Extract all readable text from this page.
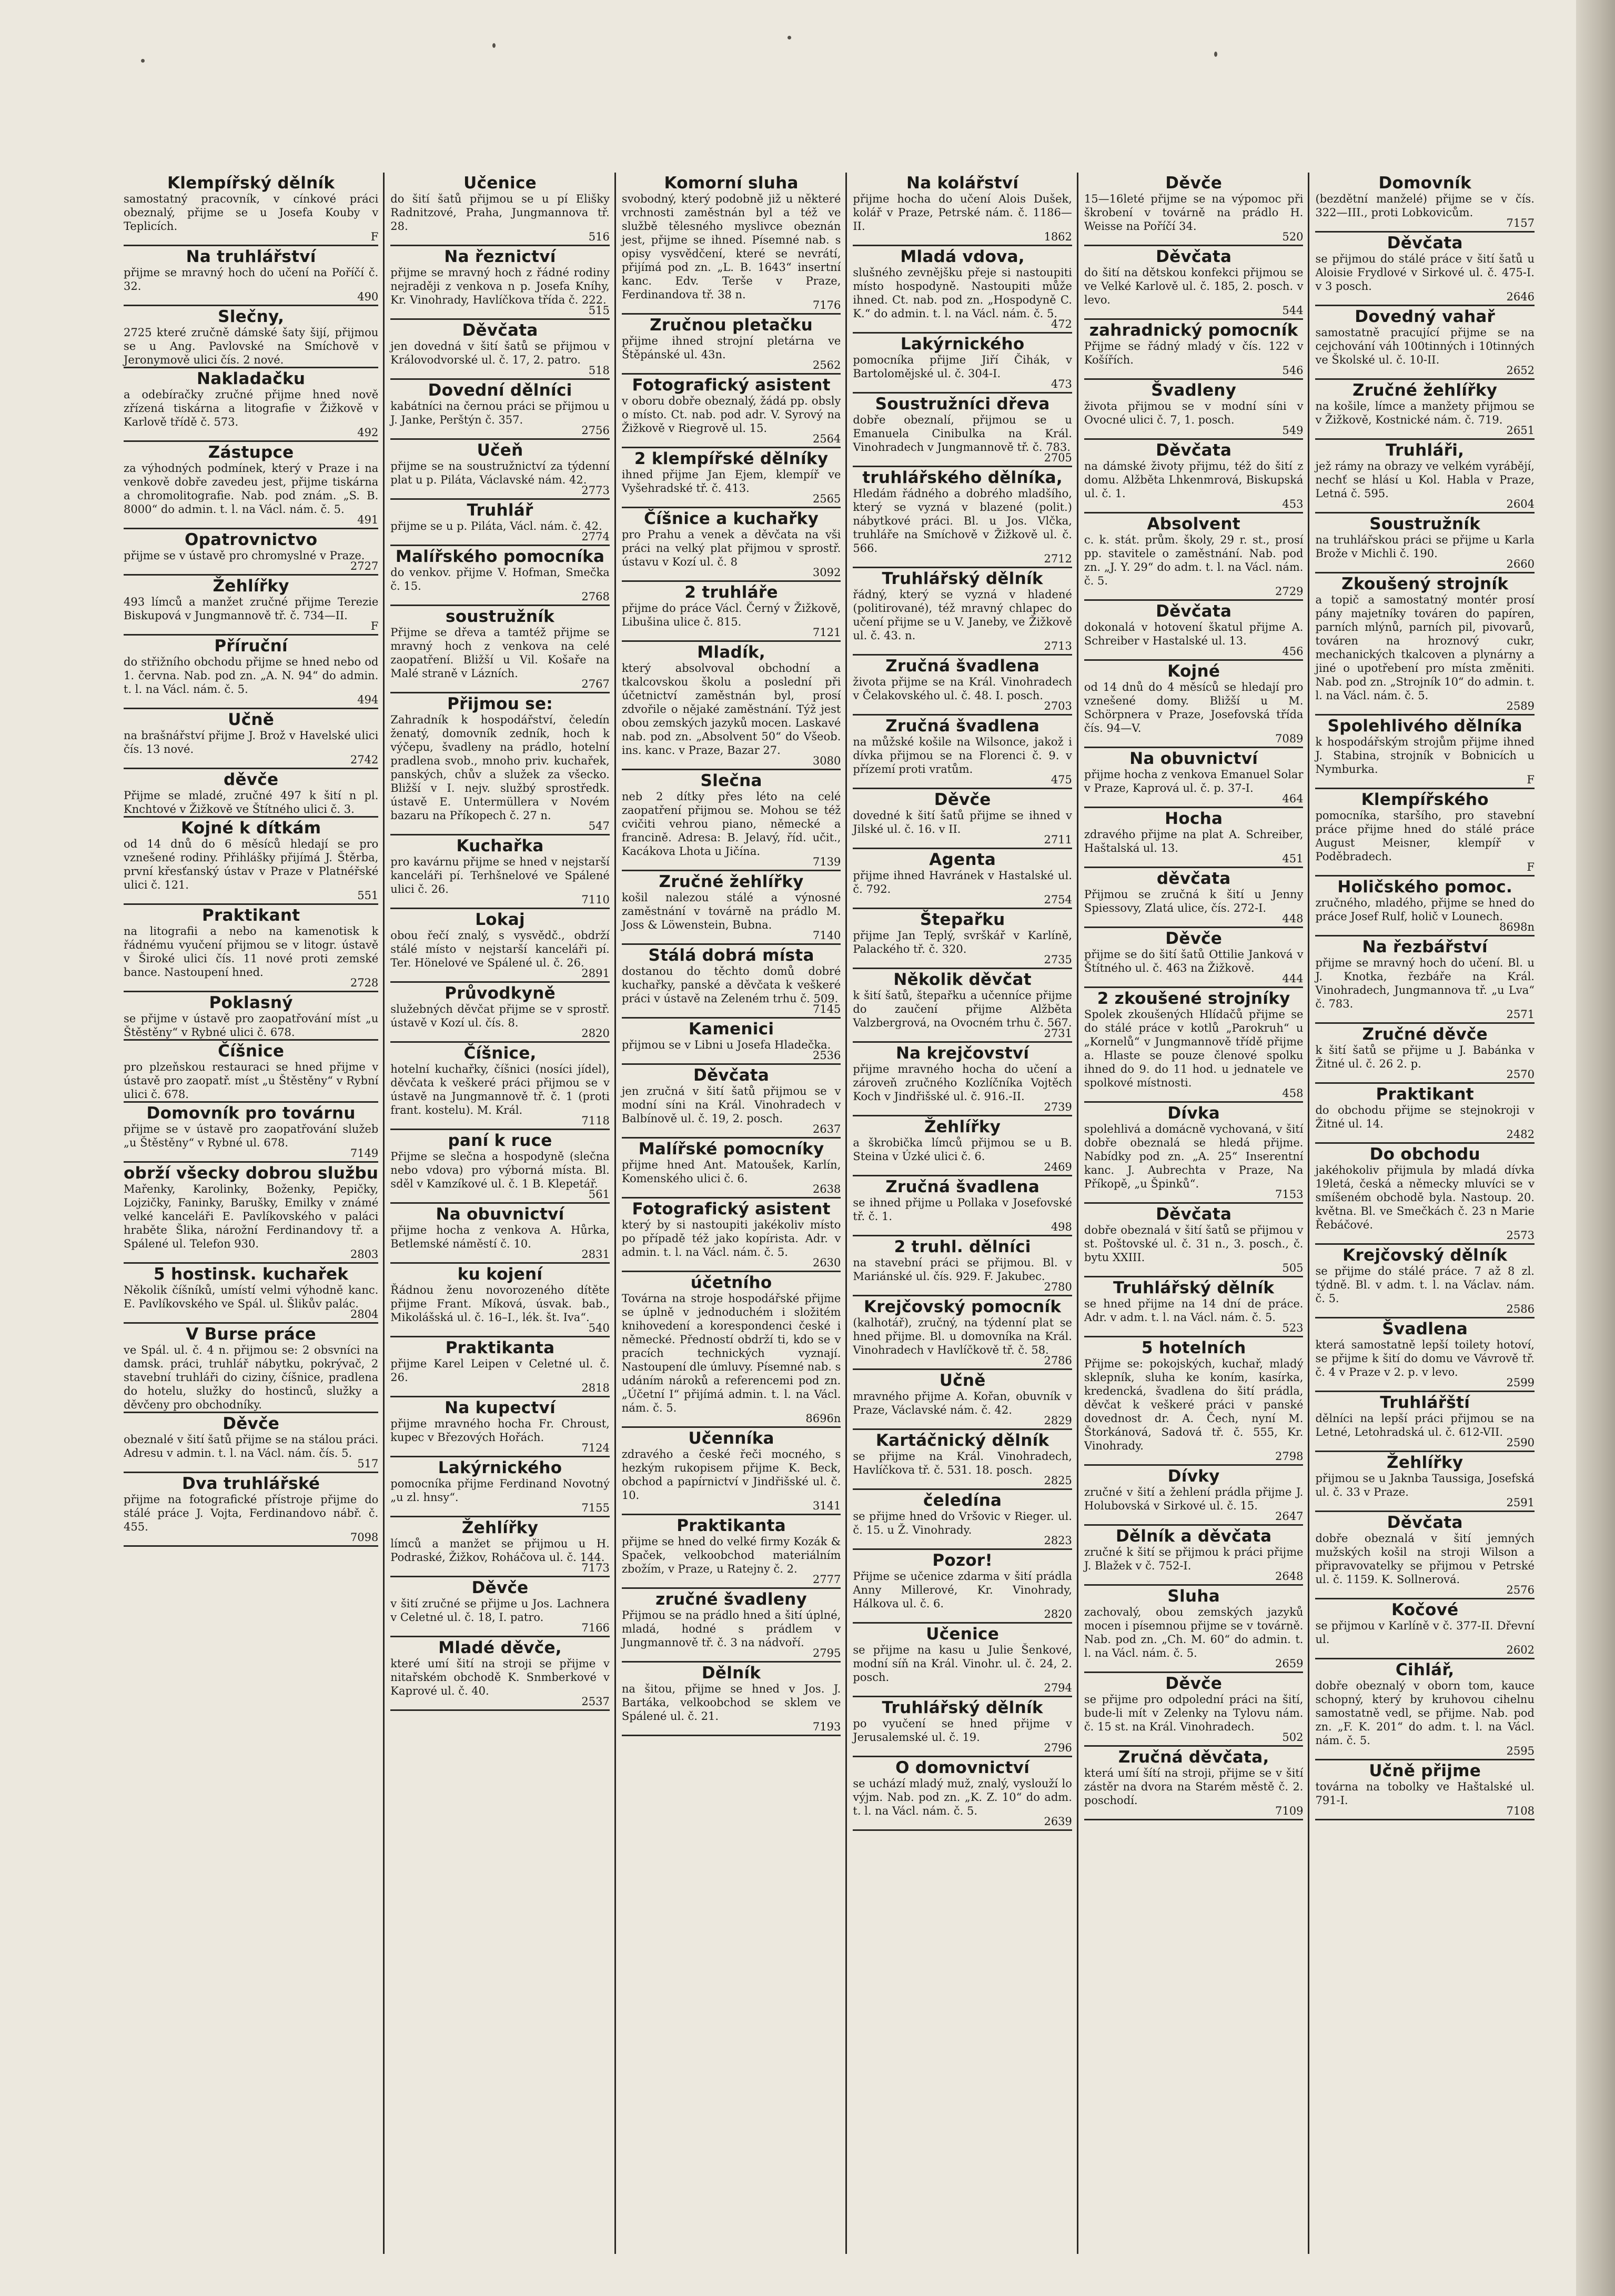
Klempířský dělník
samostatný pracovník, v cínkové práci obeznalý, přijme se u Josefa Kouby v Teplicích.
F
Na truhlářství
přijme se mravný hoch do učení na Poříčí č. 32.
490
Slečny,
2725 které zručně dámské šaty šijí, přijmou se u Ang. Pavlovské na Smíchově v Jeronymově ulici čís. 2 nové.
Nakladačku
a odebíračky zručné přijme hned nově zřízená tiskárna a litografie v Žižkově v Karlově třídě č. 573.
492
Zástupce
za výhodných podmínek, který v Praze i na venkově dobře zavedeu jest, přijme tiskárna a chromolitografie. Nab. pod znám. „S. B. 8000“ do admin. t. l. na Václ. nám. č. 5.
491
Opatrovnictvo
přijme se v ústavě pro chromyslné v Praze.
2727
Žehlířky
493 límců a manžet zručné přijme Terezie Biskupová v Jungmannově tř. č. 734—II.
F
Příruční
do střižního obchodu přijme se hned nebo od 1. června. Nab. pod zn. „A. N. 94“ do admin. t. l. na Václ. nám. č. 5.
494
Učně
na brašnářství přijme J. Brož v Havelské ulici čís. 13 nové.
2742
děvče
Přijme se mladé, zručné 497 k šití n pl. Knchtové v Žižkově ve Štítného ulici č. 3.
Kojné k dítkám
od 14 dnů do 6 měsíců hledají se pro vznešené rodiny. Přihlášky přijímá J. Štěrba, první křesťanský ústav v Praze v Platnéřské ulici č. 121.
551
Praktikant
na litografii a nebo na kamenotisk k řádnému vyučení přijmou se v litogr. ústavě v Široké ulici čís. 11 nové proti zemské bance. Nastoupení hned.
2728
Poklasný
se přijme v ústavě pro zaopatřování míst „u Štěstěny“ v Rybné ulici č. 678.
Číšnice
pro plzeňskou restauraci se hned přijme v ústavě pro zaopatř. míst „u Štěstěny“ v Rybní ulici č. 678.
Domovník pro továrnu
přijme se v ústavě pro zaopatřování služeb „u Štěstěny“ v Rybné ul. 678.
7149
obrží všecky dobrou službu
Mařenky, Karolinky, Boženky, Pepičky, Lojzičky, Faninky, Barušky, Emilky v známé velké kanceláři E. Pavlíkovského v paláci hraběte Šlika, nárožní Ferdinandovy tř. a Spálené ul. Telefon 930.
2803
5 hostinsk. kuchařek
Několik číšníků, umístí velmi výhodně kanc. E. Pavlíkovského ve Spál. ul. Šlikův palác.
2804
V Burse práce
ve Spál. ul. č. 4 n. přijmou se: 2 obsvníci na damsk. práci, truhlář nábytku, pokrývač, 2 stavební truhláři do ciziny, číšnice, pradlena do hotelu, služky do hostinců, služky a děvčeny pro obchodníky.
Děvče
obeznalé v šití šatů přijme se na stálou práci. Adresu v admin. t. l. na Václ. nám. čís. 5.
517
Dva truhlářské
přijme na fotografické přístroje přijme do stálé práce J. Vojta, Ferdinandovo nábř. č. 455.
7098
Učenice
do šití šatů přijmou se u pí Elišky Radnitzové, Praha, Jungmannova tř. 28.
516
Na řeznictví
přijme se mravný hoch z řádné rodiny nejraději z venkova n p. Josefa Kníhy, Kr. Vinohrady, Havlíčkova třída č. 222.
515
Děvčata
jen dovedná v šití šatů se přijmou v Královodvorské ul. č. 17, 2. patro.
518
Dovední dělníci
kabátníci na černou práci se přijmou u J. Janke, Perštýn č. 357.
2756
Učeň
přijme se na soustružnictví za týdenní plat u p. Piláta, Václavské nám. 42.
2773
Truhlář
přijme se u p. Piláta, Václ. nám. č. 42.
2774
Malířského pomocníka
do venkov. přijme V. Hofman, Smečka č. 15.
2768
soustružník
Přijme se dřeva a tamtéž přijme se mravný hoch z venkova na celé zaopatření. Bližší u Vil. Košaře na Malé straně v Lázních.
2767
Přijmou se:
Zahradník k hospodářství, čeledín ženatý, domovník zedník, hoch k výčepu, švadleny na prádlo, hotelní pradlena svob., mnoho priv. kuchařek, panských, chův a služek za všecko. Bližší v I. nejv. službý sprostředk. ústavě E. Untermüllera v Novém bazaru na Příkopech č. 27 n.
547
Kuchařka
pro kavárnu přijme se hned v nejstarší kanceláři pí. Terhšnelové ve Spálené ulici č. 26.
7110
Lokaj
obou řečí znalý, s vysvědč., obdrží stálé místo v nejstarší kanceláři pí. Ter. Hönelové ve Spálené ul. č. 26.
2891
Průvodkyně
služebných děvčat přijme se v sprostř. ústavě v Kozí ul. čís. 8.
2820
Číšnice,
hotelní kuchařky, číšnici (nosíci jídel), děvčata k veškeré práci přijmou se v ústavě na Jungmannově tř. č. 1 (proti frant. kostelu). M. Král.
7118
paní k ruce
Přijme se slečna a hospodyně (slečna nebo vdova) pro výborná místa. Bl. sděl v Kamzíkové ul. č. 1 B. Klepetář.
561
Na obuvnictví
přijme hocha z venkova A. Hůrka, Betlemské náměstí č. 10.
2831
ku kojení
Řádnou ženu novorozeného dítěte přijme Frant. Míková, úsvak. bab., Mikolášská ul. č. 16–I., lék. št. Iva“.
540
Praktikanta
přijme Karel Leipen v Celetné ul. č. 26.
2818
Na kupectví
přijme mravného hocha Fr. Chroust, kupec v Březových Hořách.
7124
Lakýrnického
pomocníka přijme Ferdinand Novotný „u zl. hnsy“.
7155
Žehlířky
límců a manžet se přijmou u H. Podraské, Žižkov, Roháčova ul. č. 144.
7173
Děvče
v šití zručné se přijme u Jos. Lachnera v Celetné ul. č. 18, I. patro.
7166
Mladé děvče,
které umí šití na stroji se přijme v nitařském obchodě K. Snmberkové v Kaprové ul. č. 40.
2537
Komorní sluha
svobodný, který podobně již u některé vrchnosti zaměstnán byl a též ve službě tělesného myslivce obeznán jest, přijme se ihned. Písemné nab. s opisy vysvědčení, které se nevrátí, přijímá pod zn. „L. B. 1643“ insertní kanc. Edv. Terše v Praze, Ferdinandova tř. 38 n.
7176
Zručnou pletačku
přijme ihned strojní pletárna ve Štěpánské ul. 43n.
2562
Fotografický asistent
v oboru dobře obeznalý, žádá pp. obsly o místo. Ct. nab. pod adr. V. Syrový na Žižkově v Riegrově ul. 15.
2564
2 klempířské dělníky
ihned přijme Jan Ejem, klempíř ve Vyšehradské tř. č. 413.
2565
Číšnice a kuchařky
pro Prahu a venek a děvčata na vši práci na velký plat přijmou v sprostř. ústavu v Kozí ul. č. 8
3092
2 truhláře
přijme do práce Václ. Černý v Žižkově, Libušina ulice č. 815.
7121
Mladík,
který absolvoval obchodní a tkalcovskou školu a poslední při účetnictví zaměstnán byl, prosí zdvořile o nějaké zaměstnání. Týž jest obou zemských jazyků mocen. Laskavé nab. pod zn. „Absolvent 50“ do Všeob. ins. kanc. v Praze, Bazar 27.
3080
Slečna
neb 2 dítky přes léto na celé zaopatření přijmou se. Mohou se též cvičiti vehrou piano, německé a francině. Adresa: B. Jelavý, říd. učit., Kacákova Lhota u Jičína.
7139
Zručné žehlířky
košil nalezou stálé a výnosné zaměstnání v továrně na prádlo M. Joss & Löwenstein, Bubna.
7140
Stálá dobrá místa
dostanou do těchto domů dobré kuchařky, panské a děvčata k veškeré práci v ústavě na Zeleném trhu č. 509.
7145
Kamenici
přijmou se v Libni u Josefa Hladečka.
2536
Děvčata
jen zručná v šití šatů přijmou se v modní síni na Král. Vinohradech v Balbínově ul. č. 19, 2. posch.
2637
Malířské pomocníky
přijme hned Ant. Matoušek, Karlín, Komenského ulici č. 6.
2638
Fotografický asistent
který by si nastoupiti jakékoliv místo po případě též jako kopírista. Adr. v admin. t. l. na Václ. nám. č. 5.
2630
účetního
Továrna na stroje hospodářské přijme se úplně v jednoduchém i složitém knihovedení a korespondenci české i německé. Předností obdrží ti, kdo se v pracích technických vyznají. Nastoupení dle úmluvy. Písemné nab. s udáním nároků a referencemi pod zn. „Účetní I“ přijímá admin. t. l. na Václ. nám. č. 5.
8696n
Učenníka
zdravého a české řeči mocného, s hezkým rukopisem přijme K. Beck, obchod a papírnictví v Jindřišské ul. č. 10.
3141
Praktikanta
přijme se hned do velké firmy Kozák & Spaček, velkoobchod materiálním zbožím, v Praze, u Ratejny č. 2.
2777
zručné švadleny
Přijmou se na prádlo hned a šití úplné, mladá, hodné s prádlem v Jungmannově tř. č. 3 na nádvoří.
2795
Dělník
na šitou, přijme se hned v Jos. J. Bartáka, velkoobchod se sklem ve Spálené ul. č. 21.
7193
Na kolářství
přijme hocha do učení Alois Dušek, kolář v Praze, Petrské nám. č. 1186—II.
1862
Mladá vdova,
slušného zevnějšku přeje si nastoupiti místo hospodyně. Nastoupiti může ihned. Ct. nab. pod zn. „Hospodyně C. K.“ do admin. t. l. na Václ. nám. č. 5.
472
Lakýrnického
pomocníka přijme Jiří Čihák, v Bartolomějské ul. č. 304-I.
473
Soustružníci dřeva
dobře obeznalí, přijmou se u Emanuela Cinibulka na Král. Vinohradech v Jungmannově tř. č. 783.
2705
truhlářského dělníka,
Hledám řádného a dobrého mladšího, který se vyzná v blazené (polit.) nábytkové práci. Bl. u Jos. Vlčka, truhláře na Smíchově v Žižkově ul. č. 566.
2712
Truhlářský dělník
řádný, který se vyzná v hladené (politirované), též mravný chlapec do učení přijme se u V. Janeby, ve Žižkově ul. č. 43. n.
2713
Zručná švadlena
života přijme se na Král. Vinohradech v Čelakovského ul. č. 48. I. posch.
2703
Zručná švadlena
na můžské košile na Wilsonce, jakož i dívka přijmou se na Florenci č. 9. v přízemí proti vratům.
475
Děvče
dovedné k šití šatů přijme se ihned v Jilské ul. č. 16. v II.
2711
Agenta
přijme ihned Havránek v Hastalské ul. č. 792.
2754
Štepařku
přijme Jan Teplý, svrškář v Karlíně, Palackého tř. č. 320.
2735
Několik děvčat
k šití šatů, štepařku a učenníce přijme do zaučení přijme Alžběta Valzbergrová, na Ovocném trhu č. 567.
2731
Na krejčovství
přijme mravného hocha do učení a zároveň zručného Kozlíčníka Vojtěch Koch v Jindřišské ul. č. 916.-II.
2739
Žehlířky
a škrobička límců přijmou se u B. Steina v Úzké ulici č. 6.
2469
Zručná švadlena
se ihned přijme u Pollaka v Josefovské tř. č. 1.
498
2 truhl. dělníci
na stavební práci se přijmou. Bl. v Mariánské ul. čís. 929. F. Jakubec.
2780
Krejčovský pomocník
(kalhotář), zručný, na týdenní plat se hned přijme. Bl. u domovníka na Král. Vinohradech v Havlíčkově tř. č. 58.
2786
Učně
mravného přijme A. Kořan, obuvník v Praze, Václavské nám. č. 42.
2829
Kartáčnický dělník
se přijme na Král. Vinohradech, Havlíčkova tř. č. 531. 18. posch.
2825
čeledína
se přijme hned do Vršovic v Rieger. ul. č. 15. u Ž. Vinohrady.
2823
Pozor!
Přijme se učenice zdarma v šití prádla Anny Millerové, Kr. Vinohrady, Hálkova ul. č. 6.
2820
Učenice
se přijme na kasu u Julie Šenkové, modní síň na Král. Vinohr. ul. č. 24, 2. posch.
2794
Truhlářský dělník
po vyučení se hned přijme v Jerusalemské ul. č. 19.
2796
O domovnictví
se uchází mladý muž, znalý, vyslouží lo výjm. Nab. pod zn. „K. Z. 10“ do adm. t. l. na Václ. nám. č. 5.
2639
Děvče
15—16leté přijme se na výpomoc při škrobení v továrně na prádlo H. Weisse na Poříčí 34.
520
Děvčata
do šití na dětskou konfekci přijmou se ve Velké Karlově ul. č. 185, 2. posch. v levo.
544
zahradnický pomocník
Přijme se řádný mladý v čís. 122 v Košířích.
546
Švadleny
života přijmou se v modní síni v Ovocné ulici č. 7, 1. posch.
549
Děvčata
na dámské životy přijmu, též do šití z domu. Alžběta Lhkenmrová, Biskupská ul. č. 1.
453
Absolvent
c. k. stát. prům. školy, 29 r. st., prosí pp. stavitele o zaměstnání. Nab. pod zn. „J. Y. 29“ do adm. t. l. na Václ. nám. č. 5.
2729
Děvčata
dokonalá v hotovení škatul přijme A. Schreiber v Hastalské ul. 13.
456
Kojné
od 14 dnů do 4 měsíců se hledají pro vznešené domy. Bližší u M. Schörpnera v Praze, Josefovská třída čís. 94—V.
7089
Na obuvnictví
přijme hocha z venkova Emanuel Solar v Praze, Kaprová ul. č. p. 37-I.
464
Hocha
zdravého přijme na plat A. Schreiber, Haštalská ul. 13.
451
děvčata
Přijmou se zručná k šití u Jenny Spiessovy, Zlatá ulice, čís. 272-I.
448
Děvče
přijme se do šití šatů Ottilie Janková v Štítného ul. č. 463 na Žižkově.
444
2 zkoušené strojníky
Spolek zkoušených Hlídačů přijme se do stálé práce v kotlů „Parokruh“ u „Kornelů“ v Jungmannově třídě přijme a. Hlaste se pouze členové spolku ihned do 9. do 11 hod. u jednatele ve spolkové místnosti.
458
Dívka
spolehlivá a domácně vychovaná, v šití dobře obeznalá se hledá přijme. Nabídky pod zn. „A. 25“ Inserentní kanc. J. Aubrechta v Praze, Na Příkopě, „u Špinků“.
7153
Děvčata
dobře obeznalá v šití šatů se přijmou v st. Poštovské ul. č. 31 n., 3. posch., č. bytu XXIII.
505
Truhlářský dělník
se hned přijme na 14 dní de práce. Adr. v adm. t. l. na Václ. nám. č. 5.
523
5 hotelních
Přijme se: pokojských, kuchař, mladý sklepník, sluha ke koním, kasírka, kredencká, švadlena do šití prádla, děvčat k veškeré práci v panské dovednost dr. A. Čech, nyní M. Štorkánová, Sadová tř. č. 555, Kr. Vinohrady.
2798
Dívky
zručné v šití a žehlení prádla přijme J. Holubovská v Sirkové ul. č. 15.
2647
Dělník a děvčata
zručné k šití se přijmou k práci přijme J. Blažek v č. 752-I.
2648
Sluha
zachovalý, obou zemských jazyků mocen i písemnou přijme se v továrně. Nab. pod zn. „Ch. M. 60“ do admin. t. l. na Václ. nám. č. 5.
2659
Děvče
se přijme pro odpolední práci na šití, bude-li mít v Zelenky na Tylovu nám. č. 15 st. na Král. Vinohradech.
502
Zručná děvčata,
která umí šítí na stroji, přijme se v šití zástěr na dvora na Starém městě č. 2. poschodí.
7109
Domovník
(bezdětní manželé) přijme se v čís. 322—III., proti Lobkovicům.
7157
Děvčata
se přijmou do stálé práce v šití šatů u Aloisie Frydlové v Sirkové ul. č. 475-I. v 3 posch.
2646
Dovedný vahař
samostatně pracující přijme se na cejchování váh 100tinných i 10tinných ve Školské ul. č. 10-II.
2652
Zručné žehlířky
na košile, límce a manžety přijmou se v Žižkově, Kostnické nám. č. 719.
2651
Truhláři,
jež rámy na obrazy ve velkém vyrábějí, nechť se hlásí u Kol. Habla v Praze, Letná č. 595.
2604
Soustružník
na truhlářskou práci se přijme u Karla Brože v Michli č. 190.
2660
Zkoušený strojník
a topič a samostatný montér prosí pány majetníky továren do papíren, parních mlýnů, parních pil, pivovarů, továren na hroznový cukr, mechanických tkalcoven a plynárny a jiné o upotřebení pro místa změniti. Nab. pod zn. „Strojník 10“ do admin. t. l. na Václ. nám. č. 5.
2589
Spolehlivého dělníka
k hospodářským strojům přijme ihned J. Stabina, strojník v Bobnicích u Nymburka.
F
Klempířského
pomocníka, staršího, pro stavební práce přijme hned do stálé práce August Meisner, klempíř v Poděbradech.
F
Holičského pomoc.
zručného, mladého, přijme se hned do práce Josef Rulf, holič v Lounech.
8698n
Na řezbářství
přijme se mravný hoch do učení. Bl. u J. Knotka, řezbáře na Král. Vinohradech, Jungmannova tř. „u Lva“ č. 783.
2571
Zručné děvče
k šití šatů se přijme u J. Babánka v Žitné ul. č. 26 2. p.
2570
Praktikant
do obchodu přijme se stejnokroji v Žitné ul. 14.
2482
Do obchodu
jakéhokoliv přijmula by mladá dívka 19letá, česká a německy mluvíci se v smíšeném obchodě byla. Nastoup. 20. května. Bl. ve Smečkách č. 23 n Marie Řebáčové.
2573
Krejčovský dělník
se přijme do stálé práce. 7 až 8 zl. týdně. Bl. v adm. t. l. na Václav. nám. č. 5.
2586
Švadlena
která samostatně lepší toilety hotoví, se přijme k šití do domu ve Vávrově tř. č. 4 v Praze v 2. p. v levo.
2599
Truhlářští
dělníci na lepší práci přijmou se na Letné, Letohradská ul. č. 612-VII.
2590
Žehlířky
přijmou se u Jaknba Taussiga, Josefská ul. č. 33 v Praze.
2591
Děvčata
dobře obeznalá v šití jemných mužských košil na stroji Wilson a připravovatelky se přijmou v Petrské ul. č. 1159. K. Sollnerová.
2576
Kočové
se přijmou v Karlíně v č. 377-II. Dřevní ul.
2602
Cihlář,
dobře obeznalý v oborn tom, kauce schopný, který by kruhovou cihelnu samostatně vedl, se přijme. Nab. pod zn. „F. K. 201“ do adm. t. l. na Václ. nám. č. 5.
2595
Učně přijme
továrna na tobolky ve Haštalské ul. 791-I.
7108
